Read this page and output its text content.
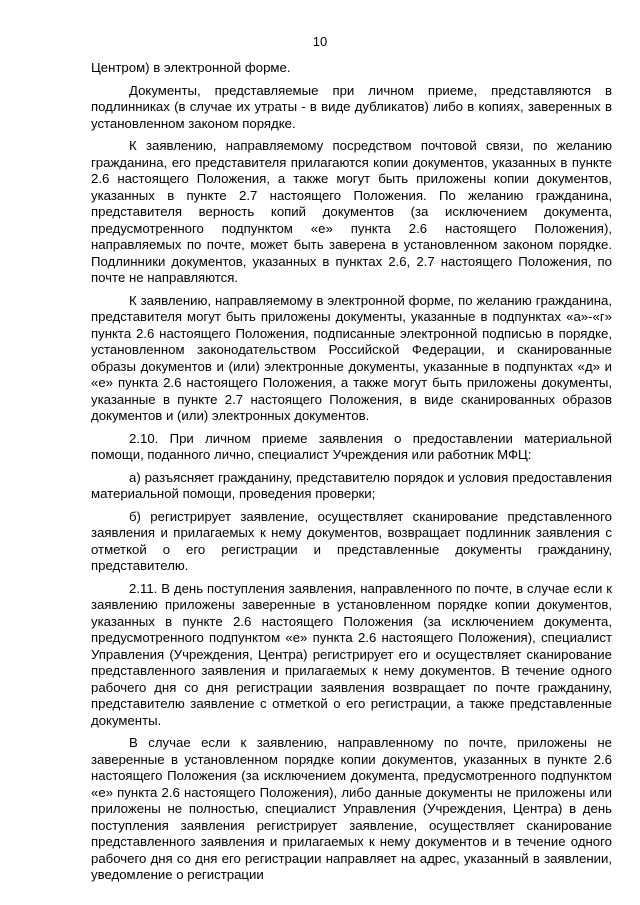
10

Центром) в электронной форме.

Документы, представляемые при личном приеме, представляются в подлинниках (в случае их утраты - в виде дубликатов) либо в копиях, заверенных в установленном законом порядке.

К заявлению, направляемому посредством почтовой связи, по желанию гражданина, его представителя прилагаются копии документов, указанных в пункте 2.6 настоящего Положения, а также могут быть приложены копии документов, указанных в пункте 2.7 настоящего Положения. По желанию гражданина, представителя верность копий документов (за исключением документа, предусмотренного подпунктом «е» пункта 2.6 настоящего Положения), направляемых по почте, может быть заверена в установленном законом порядке. Подлинники документов, указанных в пунктах 2.6, 2.7 настоящего Положения, по почте не направляются.

К заявлению, направляемому в электронной форме, по желанию гражданина, представителя могут быть приложены документы, указанные в подпунктах «а»-«г» пункта 2.6 настоящего Положения, подписанные электронной подписью в порядке, установленном законодательством Российской Федерации, и сканированные образы документов и (или) электронные документы, указанные в подпунктах «д» и «е» пункта 2.6 настоящего Положения, а также могут быть приложены документы, указанные в пункте 2.7 настоящего Положения, в виде сканированных образов документов и (или) электронных документов.

2.10. При личном приеме заявления о предоставлении материальной помощи, поданного лично, специалист Учреждения или работник МФЦ:

а) разъясняет гражданину, представителю порядок и условия предоставления материальной помощи, проведения проверки;

б) регистрирует заявление, осуществляет сканирование представленного заявления и прилагаемых к нему документов, возвращает подлинник заявления с отметкой о его регистрации и представленные документы гражданину, представителю.

2.11. В день поступления заявления, направленного по почте, в случае если к заявлению приложены заверенные в установленном порядке копии документов, указанных в пункте 2.6 настоящего Положения (за исключением документа, предусмотренного подпунктом «е» пункта 2.6 настоящего Положения), специалист Управления (Учреждения, Центра) регистрирует его и осуществляет сканирование представленного заявления и прилагаемых к нему документов. В течение одного рабочего дня со дня регистрации заявления возвращает по почте гражданину, представителю заявление с отметкой о его регистрации, а также представленные документы.

В случае если к заявлению, направленному по почте, приложены не заверенные в установленном порядке копии документов, указанных в пункте 2.6 настоящего Положения (за исключением документа, предусмотренного подпунктом «е» пункта 2.6 настоящего Положения), либо данные документы не приложены или приложены не полностью, специалист Управления (Учреждения, Центра) в день поступления заявления регистрирует заявление, осуществляет сканирование представленного заявления и прилагаемых к нему документов и в течение одного рабочего дня со дня его регистрации направляет на адрес, указанный в заявлении, уведомление о регистрации
